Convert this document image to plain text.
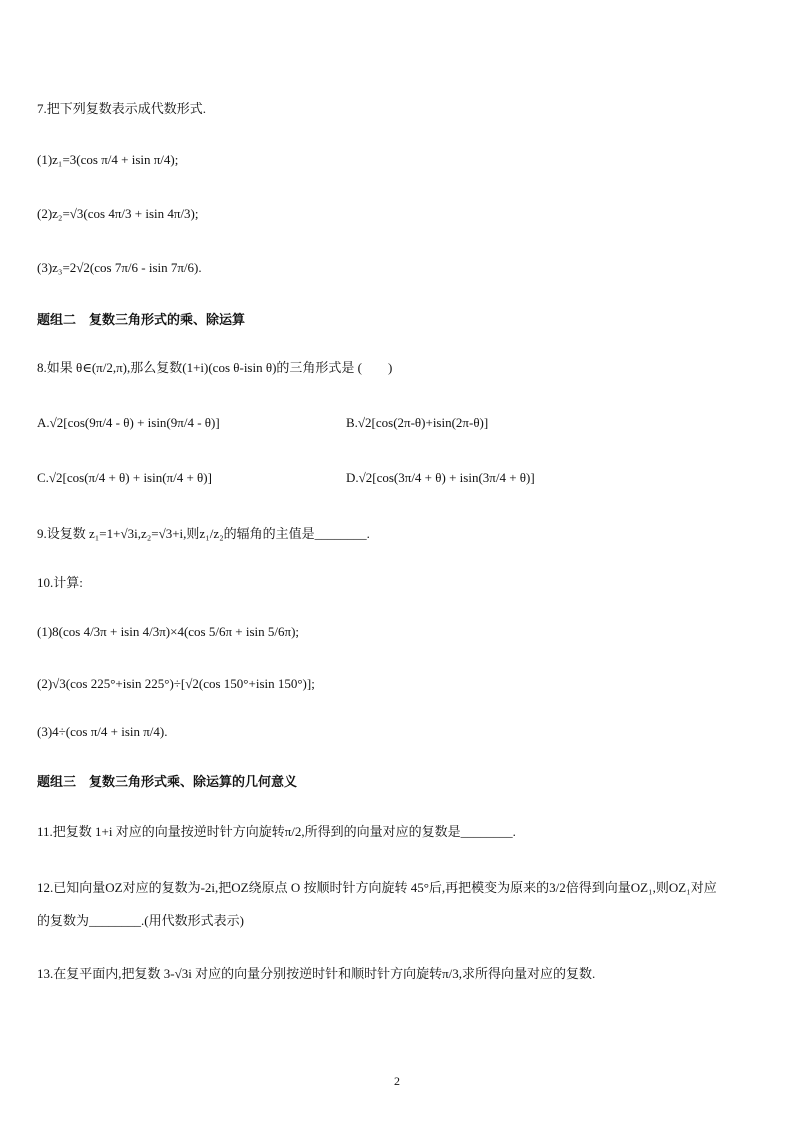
7.把下列复数表示成代数形式.
(1)z₁=3(cos π/4 + isin π/4);
(2)z₂=√3(cos 4π/3 + isin 4π/3);
(3)z₃=2√2(cos 7π/6 - isin 7π/6).
题组二　复数三角形式的乘、除运算
8.如果 θ∈(π/2,π),那么复数(1+i)(cos θ-isin θ)的三角形式是 (　　)
A.√2[cos(9π/4 - θ) + isin(9π/4 - θ)]	B.√2[cos(2π-θ)+isin(2π-θ)]
C.√2[cos(π/4 + θ) + isin(π/4 + θ)]	D.√2[cos(3π/4 + θ) + isin(3π/4 + θ)]
9.设复数 z₁=1+√3i,z₂=√3+i,则z₁/z₂的辐角的主值是________.
10.计算:
(1)8(cos 4/3π + isin 4/3π)×4(cos 5/6π + isin 5/6π);
(2)√3(cos 225°+isin 225°)÷[√2(cos 150°+isin 150°)];
(3)4÷(cos π/4 + isin π/4).
题组三　复数三角形式乘、除运算的几何意义
11.把复数 1+i 对应的向量按逆时针方向旋转π/2,所得到的向量对应的复数是________.
12.已知向量OZ对应的复数为-2i,把OZ绕原点 O 按顺时针方向旋转 45°后,再把模变为原来的3/2倍得到向量OZ₁,则OZ₁对应
的复数为________.(用代数形式表示)
13.在复平面内,把复数 3-√3i 对应的向量分别按逆时针和顺时针方向旋转π/3,求所得向量对应的复数.
2
